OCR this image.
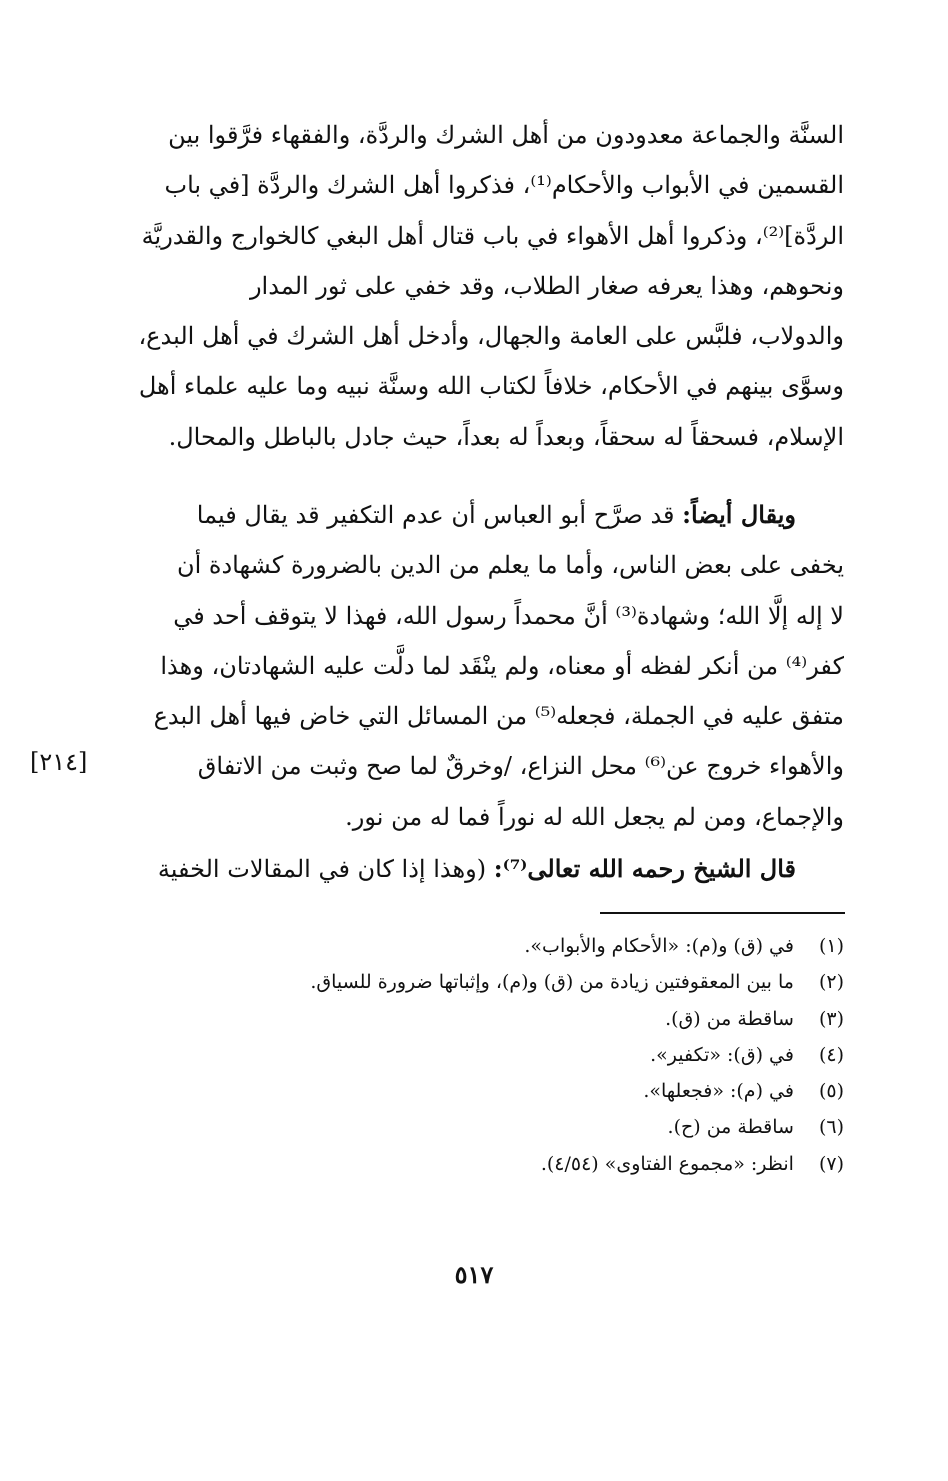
السنَّة والجماعة معدودون من أهل الشرك والردَّة، والفقهاء فرَّقوا بين
القسمين في الأبواب والأحكام⁽¹⁾، فذكروا أهل الشرك والردَّة [في باب
الردَّة]⁽²⁾، وذكروا أهل الأهواء في باب قتال أهل البغي كالخوارج والقدريَّة
ونحوهم، وهذا يعرفه صغار الطلاب، وقد خفي على ثور المدار
والدولاب، فلبَّس على العامة والجهال، وأدخل أهل الشرك في أهل البدع،
وسوَّى بينهم في الأحكام، خلافاً لكتاب الله وسنَّة نبيه وما عليه علماء أهل
الإسلام، فسحقاً له سحقاً، وبعداً له بعداً، حيث جادل بالباطل والمحال.
  ويقال أيضاً: قد صرَّح أبو العباس أن عدم التكفير قد يقال فيما
يخفى على بعض الناس، وأما ما يعلم من الدين بالضرورة كشهادة أن
لا إله إلَّا الله؛ وشهادة⁽³⁾ أنَّ محمداً رسول الله، فهذا لا يتوقف أحد في
كفر⁽⁴⁾ من أنكر لفظه أو معناه، ولم ينْقَد لما دلَّت عليه الشهادتان، وهذا
متفق عليه في الجملة، فجعله⁽⁵⁾ من المسائل التي خاض فيها أهل البدع
والأهواء خروج عن⁽⁶⁾ محل النزاع، /وخرقٌ لما صح وثبت من الاتفاق
والإجماع، ومن لم يجعل الله له نوراً فما له من نور.
[٢١٤]
  قال الشيخ رحمه الله تعالى⁽⁷⁾: (وهذا إذا كان في المقالات الخفية
(١) في (ق) و(م): «الأحكام والأبواب».
(٢) ما بين المعقوفتين زيادة من (ق) و(م)، وإثباتها ضرورة للسياق.
(٣) ساقطة من (ق).
(٤) في (ق): «تكفير».
(٥) في (م): «فجعلها».
(٦) ساقطة من (ح).
(٧) انظر: «مجموع الفتاوى» (٤/٥٤).
٥١٧
